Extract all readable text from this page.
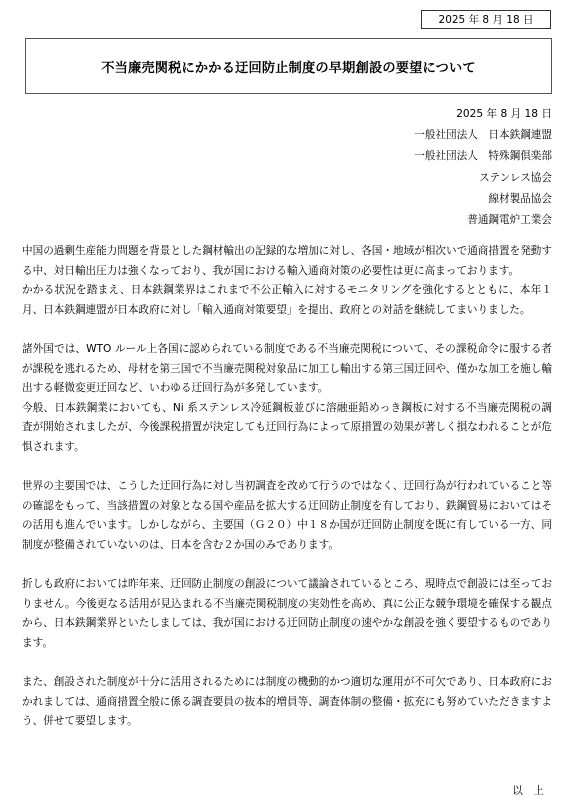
2025 年 8 月 18 日
不当廉売関税にかかる迂回防止制度の早期創設の要望について
2025 年 8 月 18 日
一般社団法人　日本鉄鋼連盟
一般社団法人　特殊鋼倶楽部
ステンレス協会
線材製品協会
普通鋼電炉工業会

中国の過剰生産能力問題を背景とした鋼材輸出の記録的な増加に対し、各国・地域が相次いで通商措置を発動する中、対日輸出圧力は強くなっており、我が国における輸入通商対策の必要性は更に高まっております。

かかる状況を踏まえ、日本鉄鋼業界はこれまで不公正輸入に対するモニタリングを強化するとともに、本年１月、日本鉄鋼連盟が日本政府に対し「輸入通商対策要望」を提出、政府との対話を継続してまいりました。

諸外国では、WTO ルール上各国に認められている制度である不当廉売関税について、その課税命令に服する者が課税を逃れるため、母材を第三国で不当廉売関税対象品に加工し輸出する第三国迂回や、僅かな加工を施し輸出する軽微変更迂回など、いわゆる迂回行為が多発しています。

今般、日本鉄鋼業においても、Ni 系ステンレス冷延鋼板並びに溶融亜鉛めっき鋼板に対する不当廉売関税の調査が開始されましたが、今後課税措置が決定しても迂回行為によって原措置の効果が著しく損なわれることが危惧されます。

世界の主要国では、こうした迂回行為に対し当初調査を改めて行うのではなく、迂回行為が行われていること等の確認をもって、当該措置の対象となる国や産品を拡大する迂回防止制度を有しており、鉄鋼貿易においてはその活用も進んでいます。しかしながら、主要国（Ｇ２０）中１８か国が迂回防止制度を既に有している一方、同制度が整備されていないのは、日本を含む２か国のみであります。

折しも政府においては昨年来、迂回防止制度の創設について議論されているところ、現時点で創設には至っておりません。今後更なる活用が見込まれる不当廉売関税制度の実効性を高め、真に公正な競争環境を確保する観点から、日本鉄鋼業界といたしましては、我が国における迂回防止制度の速やかな創設を強く要望するものであります。

また、創設された制度が十分に活用されるためには制度の機動的かつ適切な運用が不可欠であり、日本政府におかれましては、通商措置全般に係る調査要員の抜本的増員等、調査体制の整備・拡充にも努めていただきますよう、併せて要望します。

以　上
